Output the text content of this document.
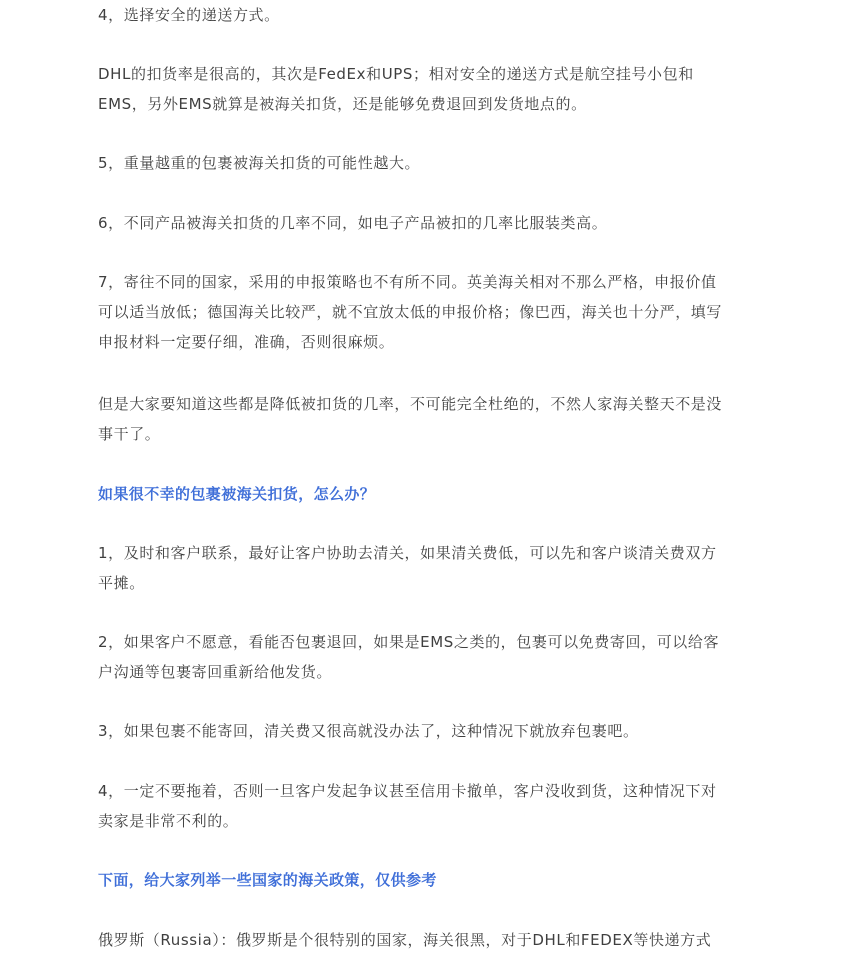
4，选择安全的递送方式。

DHL的扣货率是很高的，其次是FedEx和UPS；相对安全的递送方式是航空挂号小包和
EMS，另外EMS就算是被海关扣货，还是能够免费退回到发货地点的。

5，重量越重的包裹被海关扣货的可能性越大。

6，不同产品被海关扣货的几率不同，如电子产品被扣的几率比服装类高。

7，寄往不同的国家，采用的申报策略也不有所不同。英美海关相对不那么严格，申报价值
可以适当放低；德国海关比较严，就不宜放太低的申报价格；像巴西，海关也十分严，填写
申报材料一定要仔细，准确，否则很麻烦。

但是大家要知道这些都是降低被扣货的几率，不可能完全杜绝的，不然人家海关整天不是没
事干了。

如果很不幸的包裹被海关扣货，怎么办？

1，及时和客户联系，最好让客户协助去清关，如果清关费低，可以先和客户谈清关费双方
平摊。

2，如果客户不愿意，看能否包裹退回，如果是EMS之类的，包裹可以免费寄回，可以给客
户沟通等包裹寄回重新给他发货。

3，如果包裹不能寄回，清关费又很高就没办法了，这种情况下就放弃包裹吧。

4，一定不要拖着，否则一旦客户发起争议甚至信用卡撤单，客户没收到货，这种情况下对
卖家是非常不利的。

下面，给大家列举一些国家的海关政策，仅供参考

俄罗斯（Russia）：俄罗斯是个很特别的国家，海关很黑，对于DHL和FEDEX等快递方式
